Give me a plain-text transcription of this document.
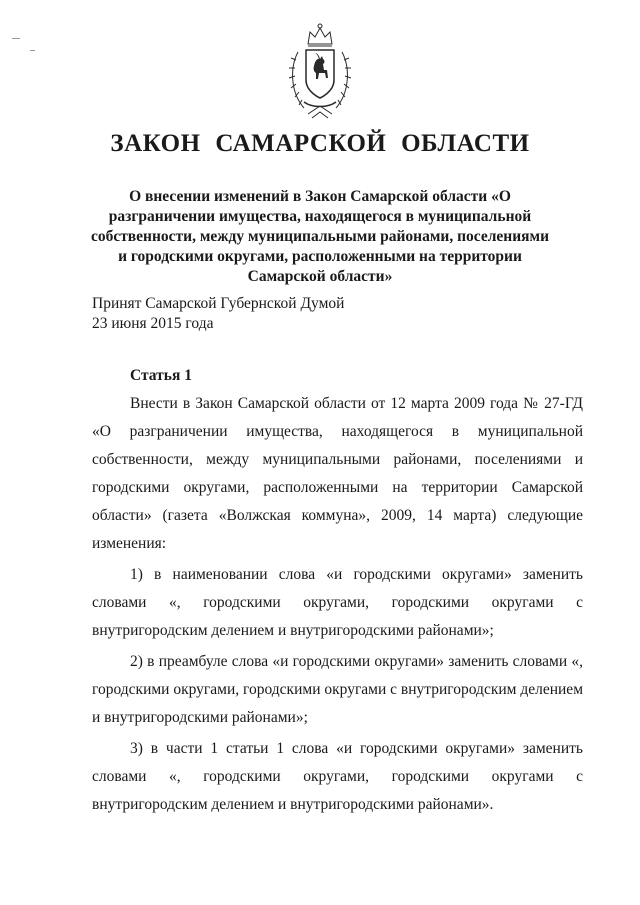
ЗАКОН САМАРСКОЙ ОБЛАСТИ
О внесении изменений в Закон Самарской области «О разграничении имущества, находящегося в муниципальной собственности, между муниципальными районами, поселениями и городскими округами, расположенными на территории Самарской области»
Принят Самарской Губернской Думой
23 июня 2015 года
Статья 1

Внести в Закон Самарской области от 12 марта 2009 года № 27-ГД «О разграничении имущества, находящегося в муниципальной собственности, между муниципальными районами, поселениями и городскими округами, расположенными на территории Самарской области» (газета «Волжская коммуна», 2009, 14 марта) следующие изменения:

1) в наименовании слова «и городскими округами» заменить словами «, городскими округами, городскими округами с внутригородским делением и внутригородскими районами»;

2) в преамбуле слова «и городскими округами» заменить словами «, городскими округами, городскими округами с внутригородским делением и внутригородскими районами»;

3) в части 1 статьи 1 слова «и городскими округами» заменить словами «, городскими округами, городскими округами с внутригородским делением и внутригородскими районами».
